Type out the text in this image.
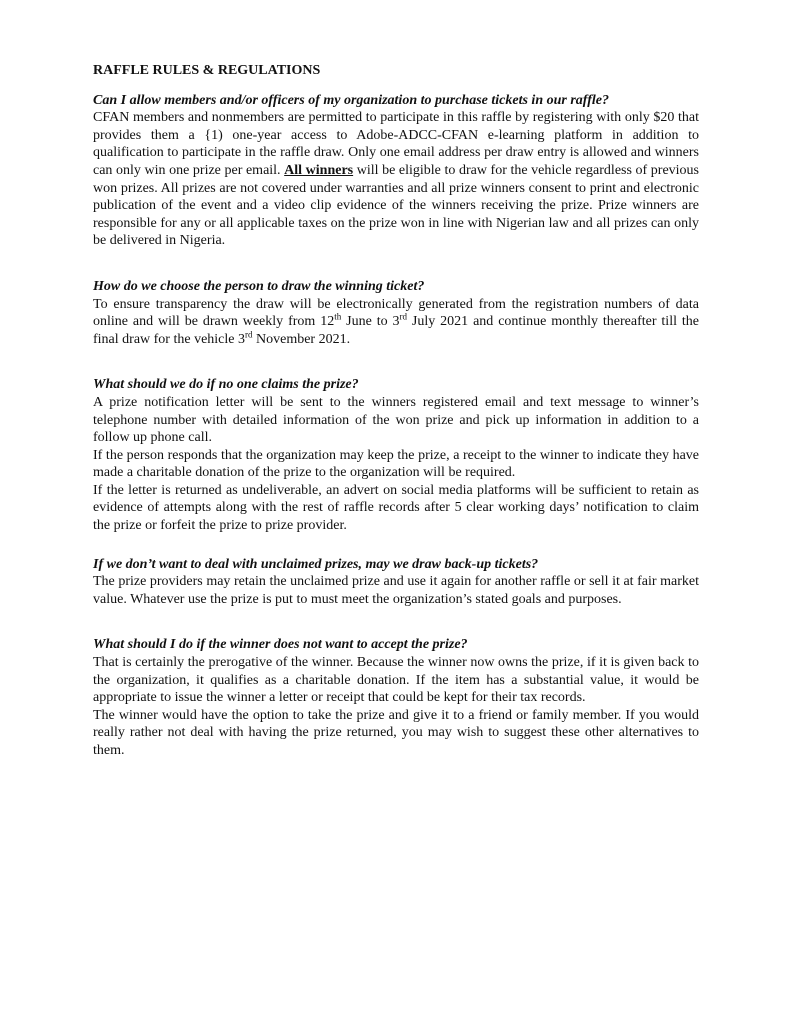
RAFFLE RULES & REGULATIONS
Can I allow members and/or officers of my organization to purchase tickets in our raffle?

CFAN members and nonmembers are permitted to participate in this raffle by registering with only $20 that provides them a {1) one-year access to Adobe-ADCC-CFAN e-learning platform in addition to qualification to participate in the raffle draw. Only one email address per draw entry is allowed and winners can only win one prize per email. All winners will be eligible to draw for the vehicle regardless of previous won prizes. All prizes are not covered under warranties and all prize winners consent to print and electronic publication of the event and a video clip evidence of the winners receiving the prize. Prize winners are responsible for any or all applicable taxes on the prize won in line with Nigerian law and all prizes can only be delivered in Nigeria.

How do we choose the person to draw the winning ticket?

To ensure transparency the draw will be electronically generated from the registration numbers of data online and will be drawn weekly from 12th June to 3rd July 2021 and continue monthly thereafter till the final draw for the vehicle 3rd November 2021.

What should we do if no one claims the prize?

A prize notification letter will be sent to the winners registered email and text message to winner’s telephone number with detailed information of the won prize and pick up information in addition to a follow up phone call.

If the person responds that the organization may keep the prize, a receipt to the winner to indicate they have made a charitable donation of the prize to the organization will be required.

If the letter is returned as undeliverable, an advert on social media platforms will be sufficient to retain as evidence of attempts along with the rest of raffle records after 5 clear working days’ notification to claim the prize or forfeit the prize to prize provider.

If we don’t want to deal with unclaimed prizes, may we draw back-up tickets?

The prize providers may retain the unclaimed prize and use it again for another raffle or sell it at fair market value. Whatever use the prize is put to must meet the organization’s stated goals and purposes.

What should I do if the winner does not want to accept the prize?

That is certainly the prerogative of the winner. Because the winner now owns the prize, if it is given back to the organization, it qualifies as a charitable donation. If the item has a substantial value, it would be appropriate to issue the winner a letter or receipt that could be kept for their tax records.

The winner would have the option to take the prize and give it to a friend or family member. If you would really rather not deal with having the prize returned, you may wish to suggest these other alternatives to them.
